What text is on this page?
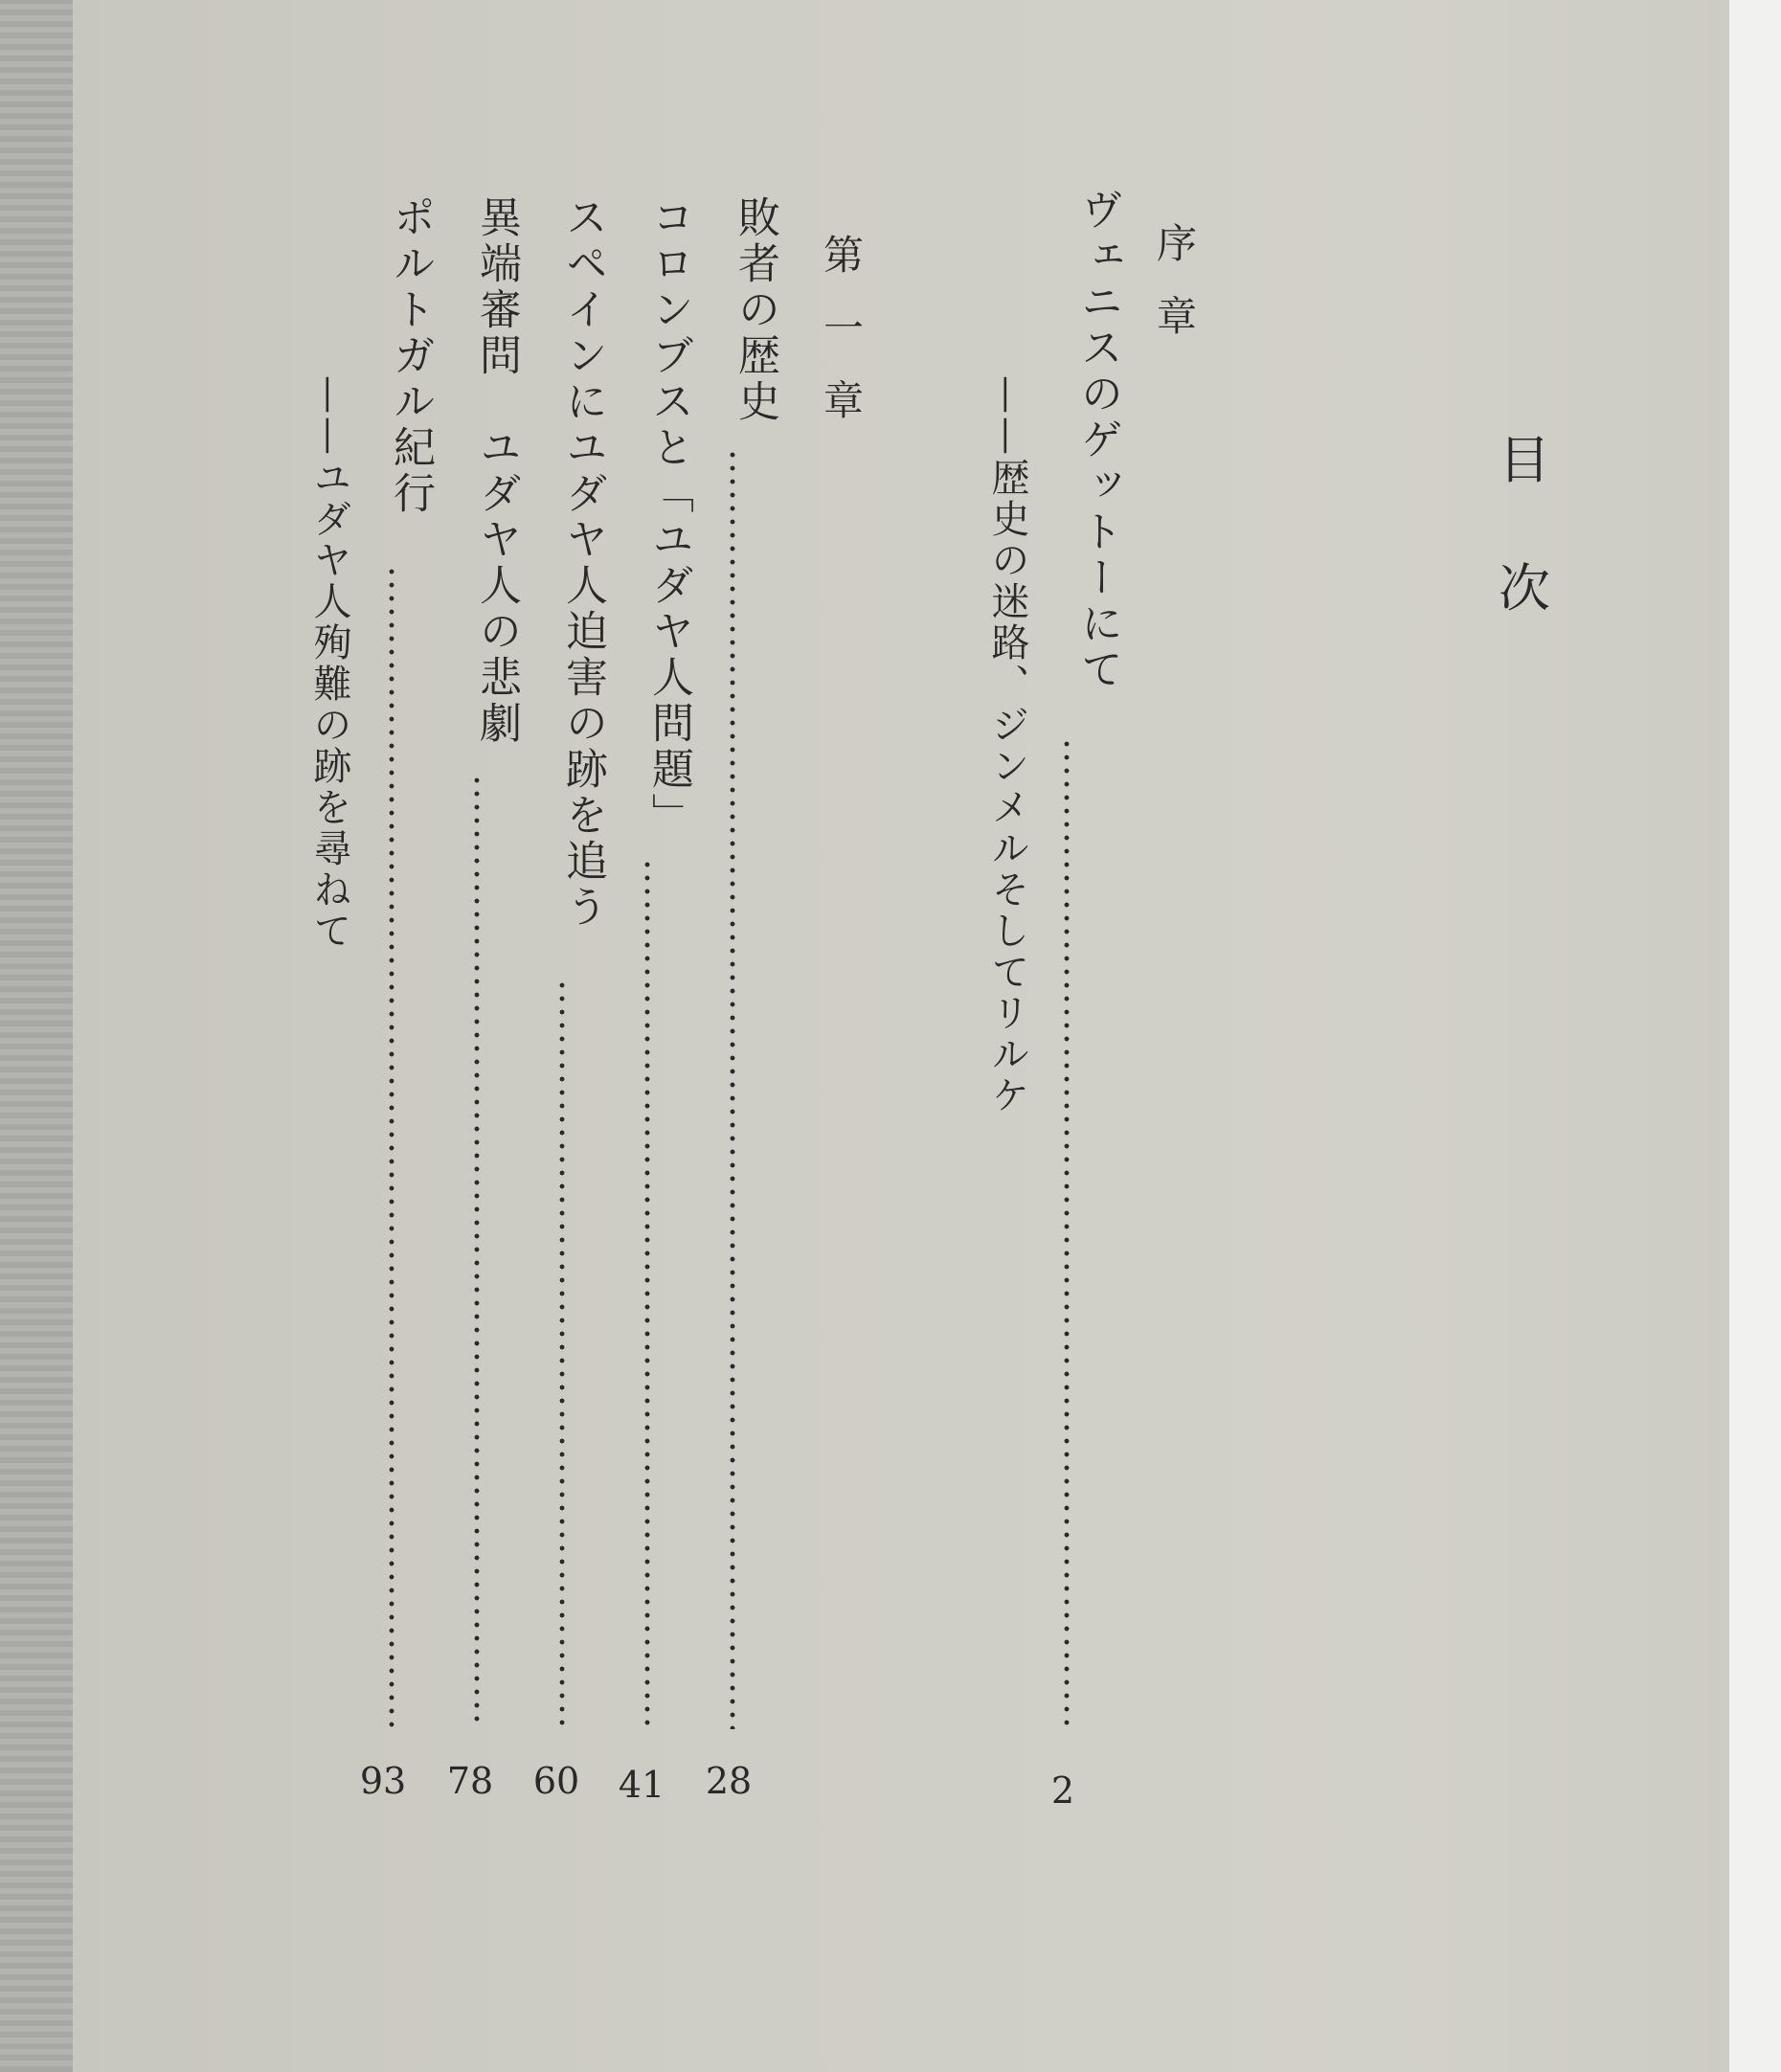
目
次
序章
ヴェニスのゲットーにて
——歴史の迷路、ジンメルそしてリルケ
2
第一章
敗者の歴史
28
コロンブスと「ユダヤ人問題」
41
スペインにユダヤ人迫害の跡を追う
60
異端審問　ユダヤ人の悲劇
78
ポルトガル紀行
——ユダヤ人殉難の跡を尋ねて
93
